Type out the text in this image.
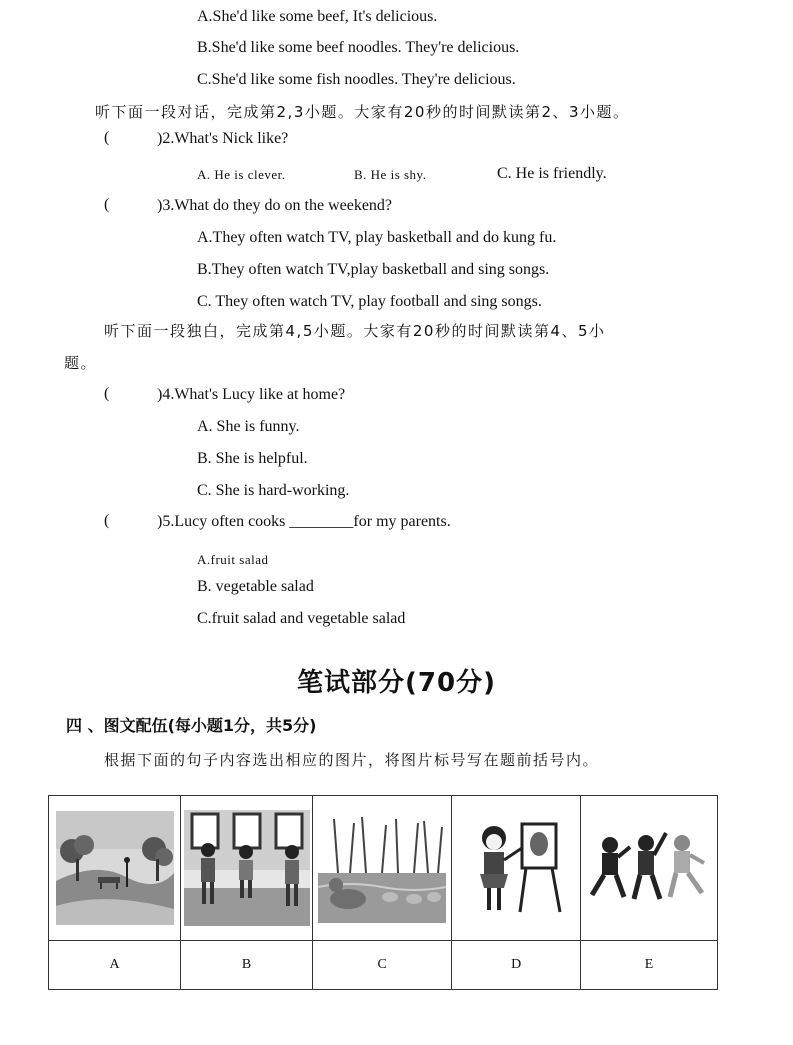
A.She'd like some beef, It's delicious.
B.She'd like some beef noodles. They're delicious.
C.She'd like some fish noodles. They're delicious.
听下面一段对话，完成第2,3小题。大家有20秒的时间默读第2、3小题。
(	)2.What's Nick like?
A. He is clever.	B. He is shy.	C. He is friendly.
(	)3.What do they do on the weekend?
A.They often watch TV, play basketball and do kung fu.
B.They often watch TV,play basketball and sing songs.
C. They often watch TV, play football and sing songs.
听下面一段独白，完成第4,5小题。大家有20秒的时间默读第4、5小
题。
(	)4.What's Lucy like at home?
A. She is funny.
B. She is helpful.
C. She is hard-working.
(	)5.Lucy often cooks ________for my parents.
A.fruit salad
B. vegetable salad
C.fruit salad and vegetable salad
笔试部分(70分)
四 、图文配伍(每小题1分，共5分)
根据下面的句子内容选出相应的图片，将图片标号写在题前括号内。

A	B	C	D	E
